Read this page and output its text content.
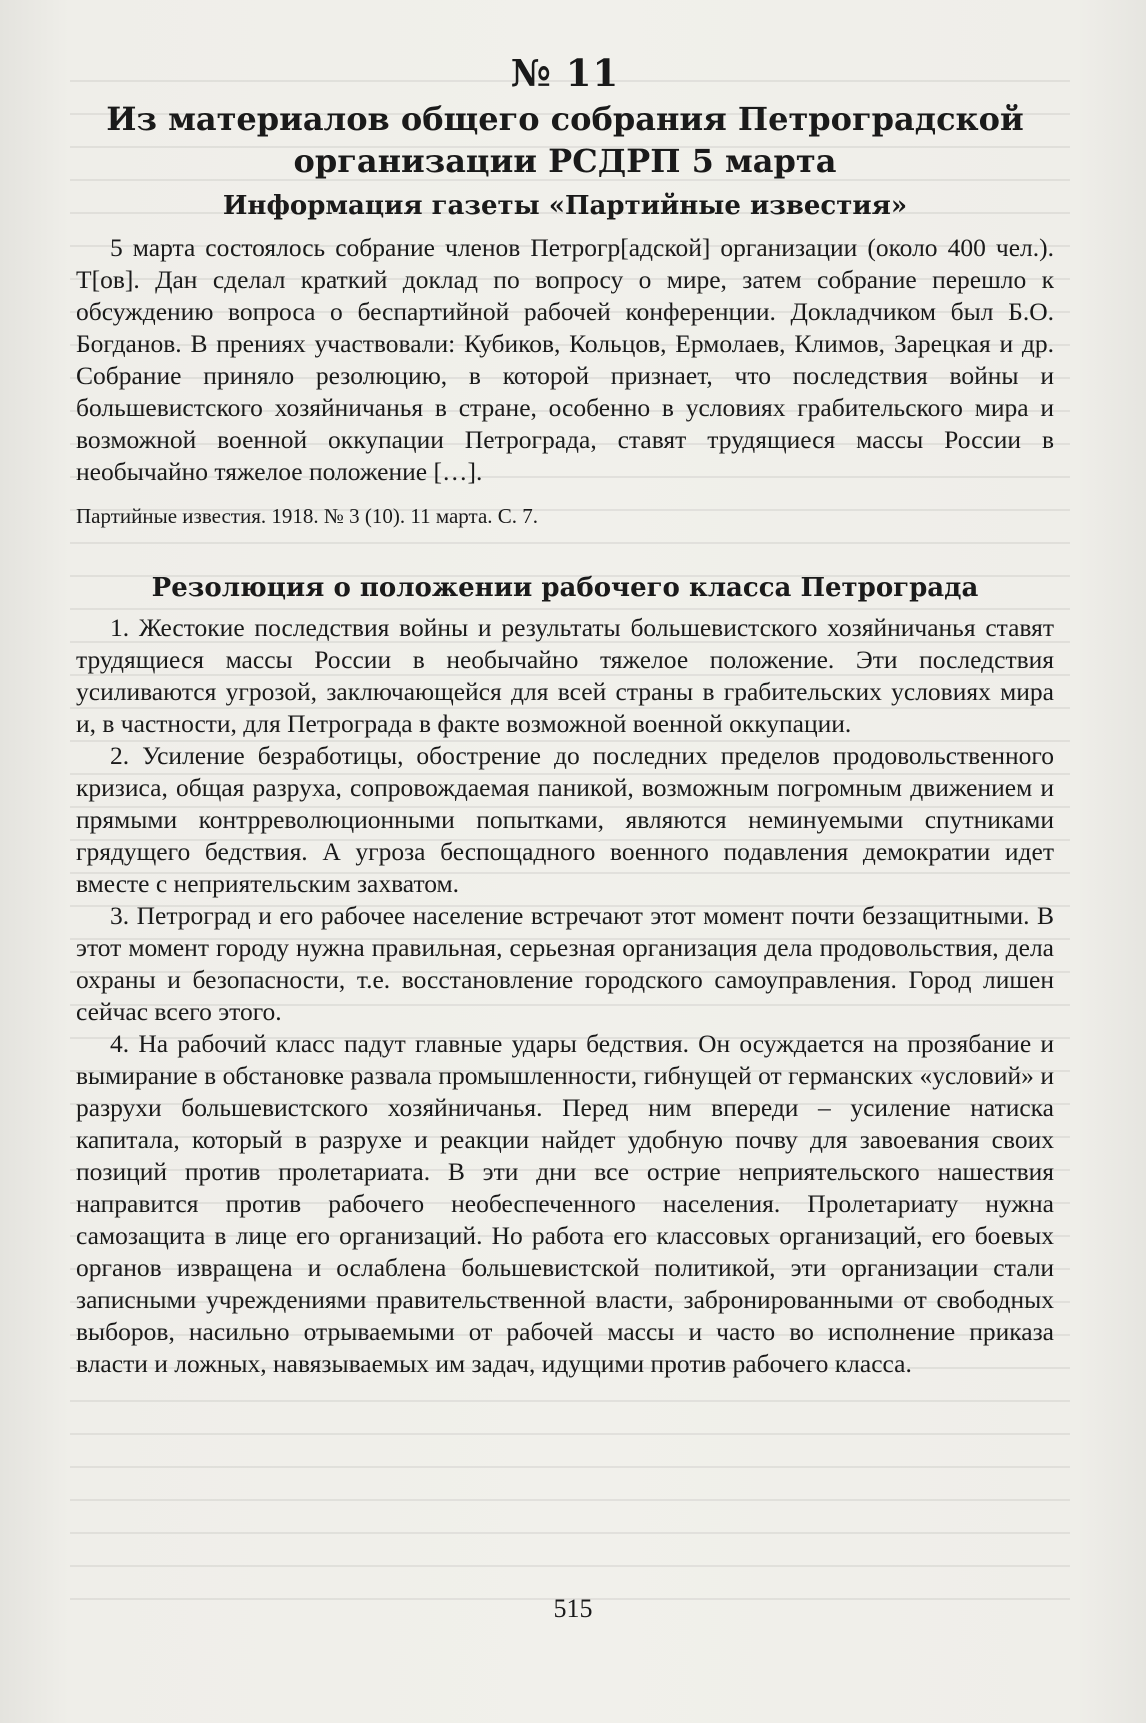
№ 11
Из материалов общего собрания Петроградской
организации РСДРП 5 марта
Информация газеты «Партийные известия»

5 марта состоялось собрание членов Петрогр[адской] организации (около 400 чел.). Т[ов]. Дан сделал краткий доклад по вопросу о мире, затем собрание перешло к обсуждению вопроса о беспартийной рабочей конференции. Докладчиком был Б.О. Богданов. В прениях участвовали: Кубиков, Кольцов, Ермолаев, Климов, Зарецкая и др. Собрание приняло резолюцию, в которой признает, что последствия войны и большевистского хозяйничанья в стране, особенно в условиях грабительского мира и возможной военной оккупации Петрограда, ставят трудящиеся массы России в необычайно тяжелое положение […].

Партийные известия. 1918. № 3 (10). 11 марта. С. 7.

Резолюция о положении рабочего класса Петрограда

1. Жестокие последствия войны и результаты большевистского хозяйничанья ставят трудящиеся массы России в необычайно тяжелое положение. Эти последствия усиливаются угрозой, заключающейся для всей страны в грабительских условиях мира и, в частности, для Петрограда в факте возможной военной оккупации.

2. Усиление безработицы, обострение до последних пределов продовольственного кризиса, общая разруха, сопровождаемая паникой, возможным погромным движением и прямыми контрреволюционными попытками, являются неминуемыми спутниками грядущего бедствия. А угроза беспощадного военного подавления демократии идет вместе с неприятельским захватом.

3. Петроград и его рабочее население встречают этот момент почти беззащитными. В этот момент городу нужна правильная, серьезная организация дела продовольствия, дела охраны и безопасности, т.е. восстановление городского самоуправления. Город лишен сейчас всего этого.

4. На рабочий класс падут главные удары бедствия. Он осуждается на прозябание и вымирание в обстановке развала промышленности, гибнущей от германских «условий» и разрухи большевистского хозяйничанья. Перед ним впереди – усиление натиска капитала, который в разрухе и реакции найдет удобную почву для завоевания своих позиций против пролетариата. В эти дни все острие неприятельского нашествия направится против рабочего необеспеченного населения. Пролетариату нужна самозащита в лице его организаций. Но работа его классовых организаций, его боевых органов извращена и ослаблена большевистской политикой, эти организации стали записными учреждениями правительственной власти, забронированными от свободных выборов, насильно отрываемыми от рабочей массы и часто во исполнение приказа власти и ложных, навязываемых им задач, идущими против рабочего класса.

515
